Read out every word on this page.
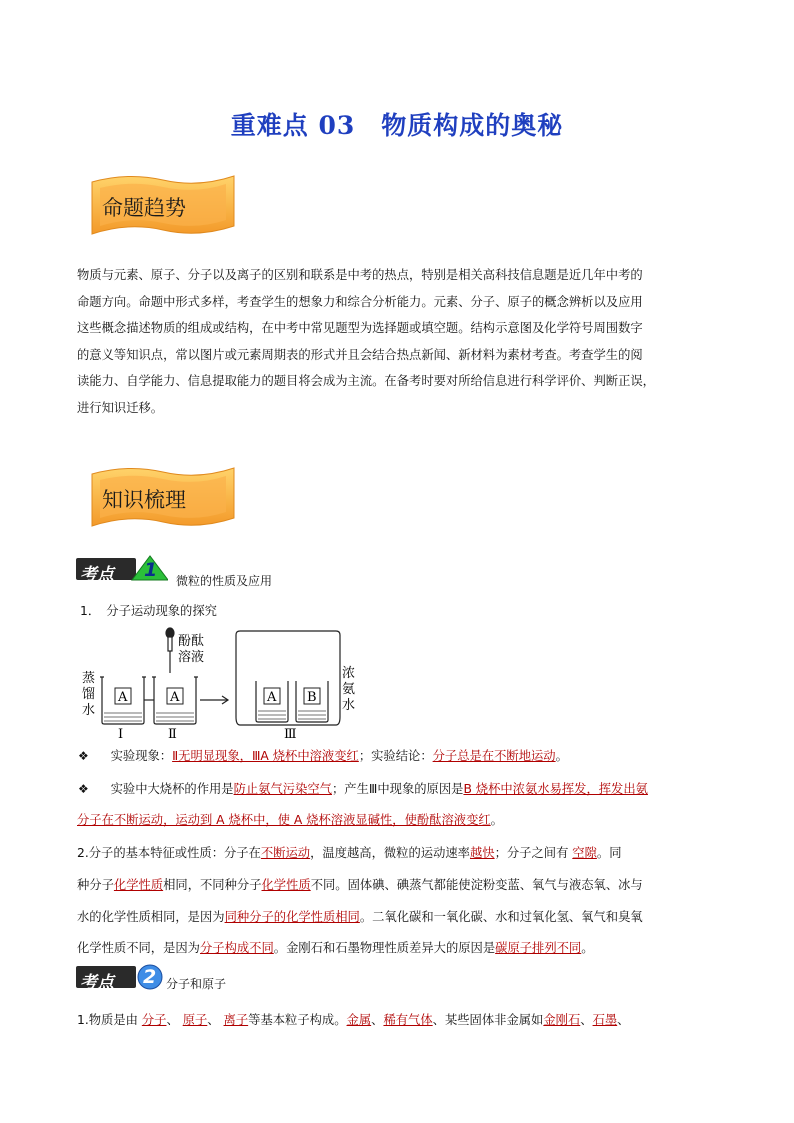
重难点 03　物质构成的奥秘
命题趋势
物质与元素、原子、分子以及离子的区别和联系是中考的热点，特别是相关高科技信息题是近几年中考的
命题方向。命题中形式多样，考查学生的想象力和综合分析能力。元素、分子、原子的概念辨析以及应用
这些概念描述物质的组成或结构，在中考中常见题型为选择题或填空题。结构示意图及化学符号周围数字
的意义等知识点，常以图片或元素周期表的形式并且会结合热点新闻、新材料为素材考查。考查学生的阅
读能力、自学能力、信息提取能力的题目将会成为主流。在备考时要对所给信息进行科学评价、判断正误，
进行知识迁移。
知识梳理
考点 1 微粒的性质及应用
1．　分子运动现象的探究
A	A	A B
酚酞
溶液
蒸
馏
水
浓
氨
水
Ⅰ	Ⅱ	Ⅲ
❖ 实验现象：Ⅱ无明显现象，ⅢA 烧杯中溶液变红；实验结论：分子总是在不断地运动。
❖ 实验中大烧杯的作用是防止氨气污染空气；产生Ⅲ中现象的原因是B 烧杯中浓氨水易挥发，挥发出氨
分子在不断运动，运动到 A 烧杯中，使 A 烧杯溶液显碱性，使酚酞溶液变红。
2.分子的基本特征或性质：分子在不断运动，温度越高，微粒的运动速率越快；分子之间有 空隙。同
种分子化学性质相同，不同种分子化学性质不同。固体碘、碘蒸气都能使淀粉变蓝、氧气与液态氧、冰与
水的化学性质相同，是因为同种分子的化学性质相同。二氧化碳和一氧化碳、水和过氧化氢、氧气和臭氧
化学性质不同，是因为分子构成不同。金刚石和石墨物理性质差异大的原因是碳原子排列不同。
考点 2 分子和原子
1.物质是由 分子、 原子、 离子等基本粒子构成。金属、稀有气体、某些固体非金属如金刚石、石墨、
